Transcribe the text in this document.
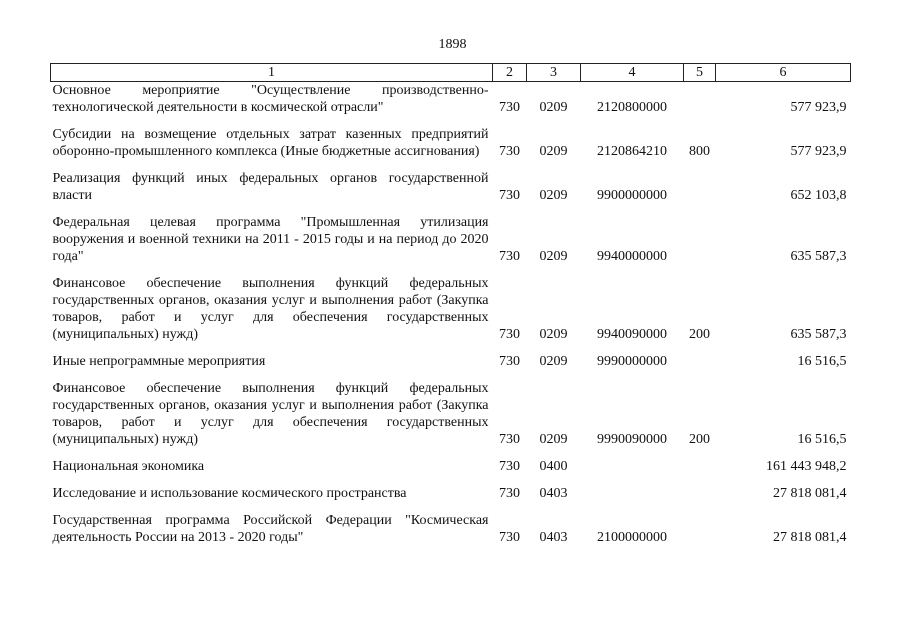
1898
1	2	3	4	5	6
Основное мероприятие "Осуществление производственно-технологической деятельности в космической отрасли"	730	0209	2120800000		577 923,9
Субсидии на возмещение отдельных затрат казенных предприятий оборонно-промышленного комплекса (Иные бюджетные ассигнования)	730	0209	2120864210	800	577 923,9
Реализация функций иных федеральных органов государственной власти	730	0209	9900000000		652 103,8
Федеральная целевая программа "Промышленная утилизация вооружения и военной техники на 2011 - 2015 годы и на период до 2020 года"	730	0209	9940000000		635 587,3
Финансовое обеспечение выполнения функций федеральных государственных органов, оказания услуг и выполнения работ (Закупка товаров, работ и услуг для обеспечения государственных (муниципальных) нужд)	730	0209	9940090000	200	635 587,3
Иные непрограммные мероприятия	730	0209	9990000000		16 516,5
Финансовое обеспечение выполнения функций федеральных государственных органов, оказания услуг и выполнения работ (Закупка товаров, работ и услуг для обеспечения государственных (муниципальных) нужд)	730	0209	9990090000	200	16 516,5
Национальная экономика	730	0400			161 443 948,2
Исследование и использование космического пространства	730	0403			27 818 081,4
Государственная программа Российской Федерации "Космическая деятельность России на 2013 - 2020 годы"	730	0403	2100000000		27 818 081,4
